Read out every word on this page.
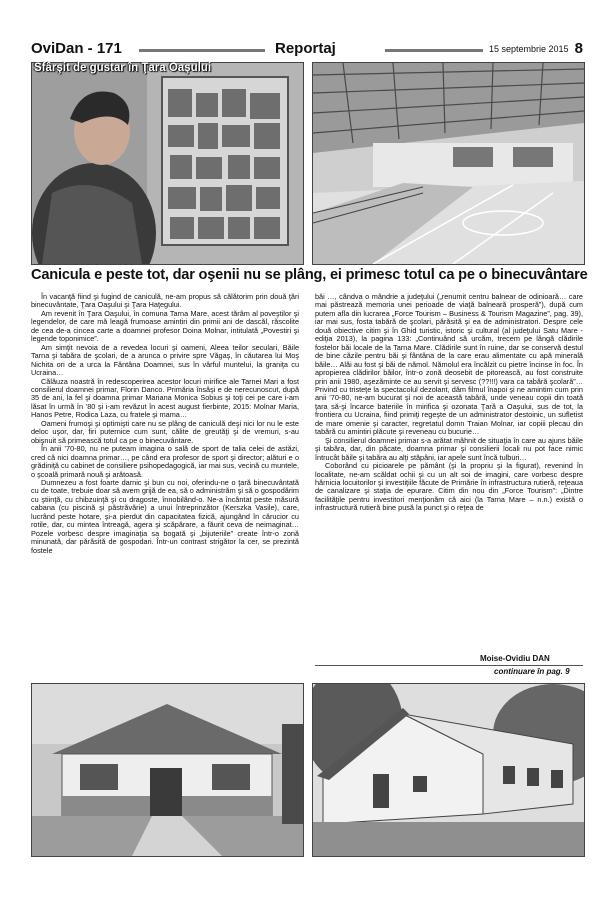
OviDan - 171	Reportaj	15 septembrie 2015 8
Sfârşit de gustar în Ţara Oaşului
Canicula e peste tot, dar oşenii nu se plâng, ei primesc totul ca pe o binecuvântare

În vacanţă fiind şi fugind de caniculă, ne-am propus să călătorim prin două ţări binecuvântate, Ţara Oaşului şi Ţara Haţegului.

Am revenit în Ţara Oaşului, în comuna Tarna Mare, acest tărâm al poveştilor şi legendelor, de care mă leagă frumoase amintiri din primii ani de dascăl, răscolite de cea de-a cincea carte a doamnei profesor Doina Molnar, intitulată „Povestiri şi legende toponimice”.

Am simţit nevoia de a revedea locuri şi oameni, Aleea teilor seculari, Băile Tarna şi tabăra de şcolari, de a arunca o privire spre Văgaş, în căutarea lui Moş Nichita ori de a urca la Fântâna Doamnei, sus în vârful muntelui, la graniţa cu Ucraina…

Călăuza noastră în redescoperirea acestor locuri mirifice ale Tarnei Mari a fost consilierul doamnei primar, Florin Danco. Primăria însăşi e de nerecunoscut, după 35 de ani, la fel şi doamna primar Mariana Monica Sobius şi toţi cei pe care i-am lăsat în urmă în ’80 şi i-am revăzut în acest august fierbinte, 2015: Molnar Maria, Hanos Petre, Rodica Laza, cu fratele şi mama…

Oameni frumoşi şi optimişti care nu se plâng de caniculă deşi nici lor nu le este deloc uşor, dar, firi puternice cum sunt, călite de greutăţi şi de vremuri, s-au obişnuit să primească totul ca pe o binecuvântare.

În anii ’70-80, nu ne puteam imagina o sală de sport de talia celei de astăzi, cred că nici doamna primar…, pe când era profesor de sport şi director; alături e o grădiniţă cu cabinet de consiliere psihopedagogică, iar mai sus, vecină cu muntele, o şcoală primară nouă şi arătoasă.

Dumnezeu a fost foarte darnic şi bun cu noi, oferindu-ne o ţară binecuvântată cu de toate, trebuie doar să avem grijă de ea, să o administrăm şi să o gospodărim cu ştiinţă, cu chibzuinţă şi cu dragoste, înnobilând-o. Ne-a încântat peste măsură cabana (cu piscină şi păstrăvărie) a unui întreprinzător (Kerszka Vasile), care, lucrând peste hotare, şi-a pierdut din capacitatea fizică, ajungând în cărucior cu rotile, dar, cu mintea întreagă, agera şi scăpărare, a făurit ceva de neimaginat… Pozele vorbesc despre imaginaţia sa bogată şi „bijuteriile” create într-o zonă minunată, dar părăsită de gospodari. Într-un contrast strigător la cer, se prezintă fostele

băi …, cândva o mândrie a judeţului („renumit centru balnear de odinioară… care mai păstrează memoria unei perioade de viaţă balneară prosperă”), după cum putem afla din lucrarea „Force Tourism – Business & Tourism Magazine”, pag. 39), iar mai sus, fosta tabără de şcolari, părăsită şi ea de administratori. Despre cele două obiective citim şi în Ghid turistic, istoric şi cultural (al judeţului Satu Mare - ediţia 2013), la pagina 133: „Continuând să urcăm, trecem pe lângă clădirile fostelor băi locale de la Tarna Mare. Clădirile sunt în ruine, dar se conservă destul de bine căzile pentru băi şi fântâna de la care erau alimentate cu apă minerală băile… Alăi au fost şi băi de nămol. Nămolul era încălzit cu pietre încinse în foc. În apropierea clădirilor băilor, într-o zonă deosebit de pitorească, au fost construite prin anii 1980, aşezăminte ce au servit şi servesc (??!!!) vara ca tabără şcolară”… Privind cu tristeţe la spectacolul dezolant, dăm filmul înapoi şi ne amintim cum prin anii ’70-80, ne-am bucurat şi noi de această tabără, unde veneau copii din toată ţara să-şi încarce bateriile în mirifica şi ozonata Ţară a Oaşului, sus de tot, la frontiera cu Ucraina, fiind primiţi regeşte de un administrator destoinic, un sufletist de mare omenie şi caracter, regretatul domn Traian Molnar, iar copiii plecau din tabără cu amintiri plăcute şi reveneau cu bucurie…

Şi consilierul doamnei primar s-a arătat mâhnit de situaţia în care au ajuns băile şi tabăra, dar, din păcate, doamna primar şi consilierii locali nu pot face nimic întrucât băile şi tabăra au alţi stăpâni, iar apele sunt încă tulburi…

Coborând cu picioarele pe pământ (şi la propriu şi la figurat), revenind în localitate, ne-am scăldat ochii şi cu un alt soi de imagini, care vorbesc despre hărnicia locuitorilor şi investiţiile făcute de Primărie în infrastructura rutieră, reţeaua de canalizare şi staţia de epurare. Citim din nou din „Force Tourism”: „Dintre facilităţile pentru investitori menţionăm că aici (la Tarna Mare – n.n.) există o infrastructură rutieră bine pusă la punct şi o reţea de

Moise-Ovidiu DAN
continuare în pag. 9
